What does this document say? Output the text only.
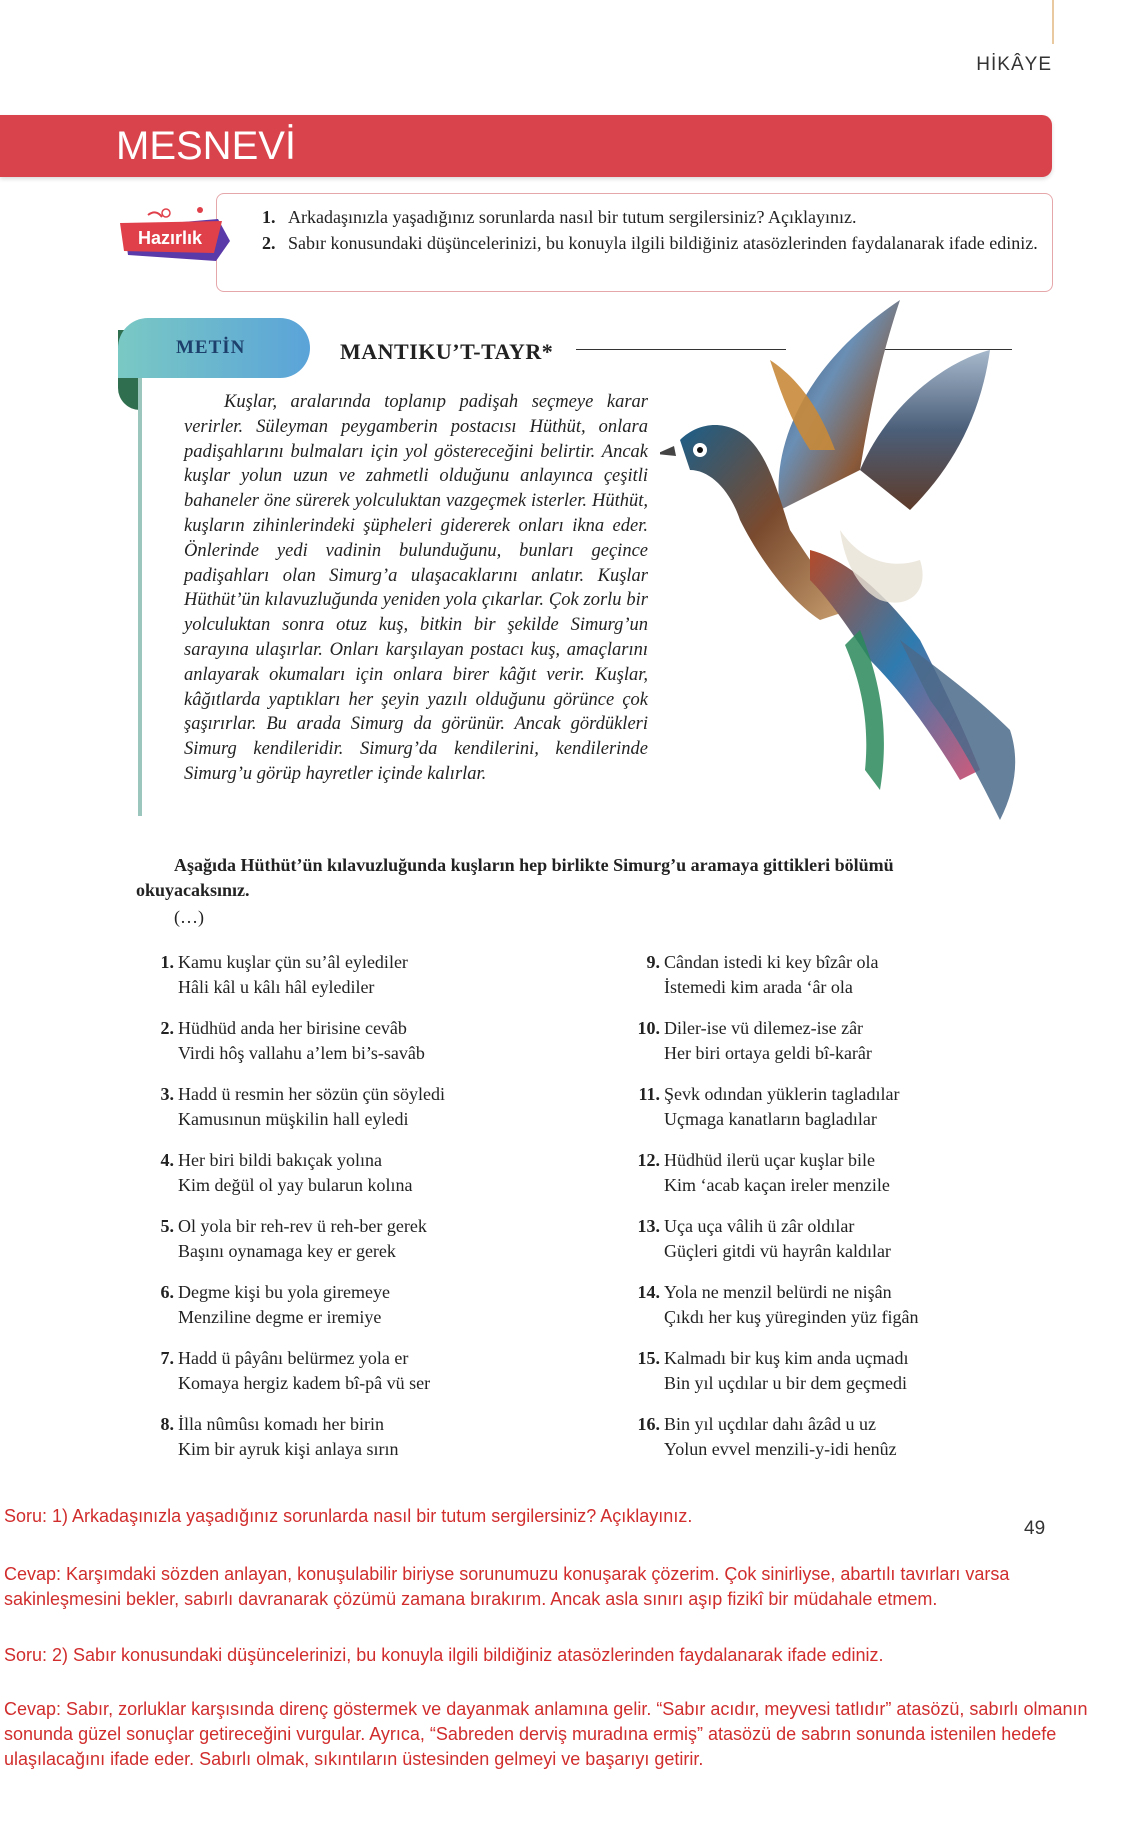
HİKÂYE
MESNEVİ
Hazırlık
1. Arkadaşınızla yaşadığınız sorunlarda nasıl bir tutum sergilersiniz? Açıklayınız.
2. Sabır konusundaki düşüncelerinizi, bu konuyla ilgili bildiğiniz atasözlerinden faydalanarak ifade ediniz.
METİN	MANTIKU’T-TAYR*

Kuşlar, aralarında toplanıp padişah seçmeye karar verirler. Süleyman peygamberin postacısı Hüthüt, onlara padişahlarını bulmaları için yol göstereceğini belirtir. Ancak kuşlar yolun uzun ve zahmetli olduğunu anlayınca çeşitli bahaneler öne sürerek yolculuktan vazgeçmek isterler. Hüthüt, kuşların zihinlerindeki şüpheleri gidererek onları ikna eder. Önlerinde yedi vadinin bulunduğunu, bunları geçince padişahları olan Simurg’a ulaşacaklarını anlatır. Kuşlar Hüthüt’ün kılavuzluğunda yeniden yola çıkarlar. Çok zorlu bir yolculuktan sonra otuz kuş, bitkin bir şekilde Simurg’un sarayına ulaşırlar. Onları karşılayan postacı kuş, amaçlarını anlayarak okumaları için onlara birer kâğıt verir. Kuşlar, kâğıtlarda yaptıkları her şeyin yazılı olduğunu görünce çok şaşırırlar. Bu arada Simurg da görünür. Ancak gördükleri Simurg kendileridir. Simurg’da kendilerini, kendilerinde Simurg’u görüp hayretler içinde kalırlar.

Aşağıda Hüthüt’ün kılavuzluğunda kuşların hep birlikte Simurg’u aramaya gittikleri bölümü okuyacaksınız.

(…)
1. Kamu kuşlar çün su’âl eylediler
Hâli kâl u kâlı hâl eylediler
2. Hüdhüd anda her birisine cevâb
Virdi hôş vallahu a’lem bi’s-savâb
3. Hadd ü resmin her sözün çün söyledi
Kamusınun müşkilin hall eyledi
4. Her biri bildi bakıçak yolına
Kim değül ol yay bularun kolına
5. Ol yola bir reh-rev ü reh-ber gerek
Başını oynamaga key er gerek
6. Degme kişi bu yola giremeye
Menziline degme er iremiye
7. Hadd ü pâyânı belürmez yola er
Komaya hergiz kadem bî-pâ vü ser
8. İlla nûmûsı komadı her birin
Kim bir ayruk kişi anlaya sırın
9. Cândan istedi ki key bîzâr ola
İstemedi kim arada ‘âr ola
10. Diler-ise vü dilemez-ise zâr
Her biri ortaya geldi bî-karâr
11. Şevk odından yüklerin tagladılar
Uçmaga kanatların bagladılar
12. Hüdhüd ilerü uçar kuşlar bile
Kim ‘acab kaçan ireler menzile
13. Uça uça vâlih ü zâr oldılar
Güçleri gitdi vü hayrân kaldılar
14. Yola ne menzil belürdi ne nişân
Çıkdı her kuş yüreginden yüz figân
15. Kalmadı bir kuş kim anda uçmadı
Bin yıl uçdılar u bir dem geçmedi
16. Bin yıl uçdılar dahı âzâd u uz
Yolun evvel menzili-y-idi henûz
Soru: 1) Arkadaşınızla yaşadığınız sorunlarda nasıl bir tutum sergilersiniz? Açıklayınız.
49

Cevap: Karşımdaki sözden anlayan, konuşulabilir biriyse sorunumuzu konuşarak çözerim. Çok sinirliyse, abartılı tavırları varsa sakinleşmesini bekler, sabırlı davranarak çözümü zamana bırakırım. Ancak asla sınırı aşıp fizikî bir müdahale etmem.

Soru: 2) Sabır konusundaki düşüncelerinizi, bu konuyla ilgili bildiğiniz atasözlerinden faydalanarak ifade ediniz.

Cevap: Sabır, zorluklar karşısında direnç göstermek ve dayanmak anlamına gelir. “Sabır acıdır, meyvesi tatlıdır” atasözü, sabırlı olmanın sonunda güzel sonuçlar getireceğini vurgular. Ayrıca, “Sabreden derviş muradına ermiş” atasözü de sabrın sonunda istenilen hedefe ulaşılacağını ifade eder. Sabırlı olmak, sıkıntıların üstesinden gelmeyi ve başarıyı getirir.
